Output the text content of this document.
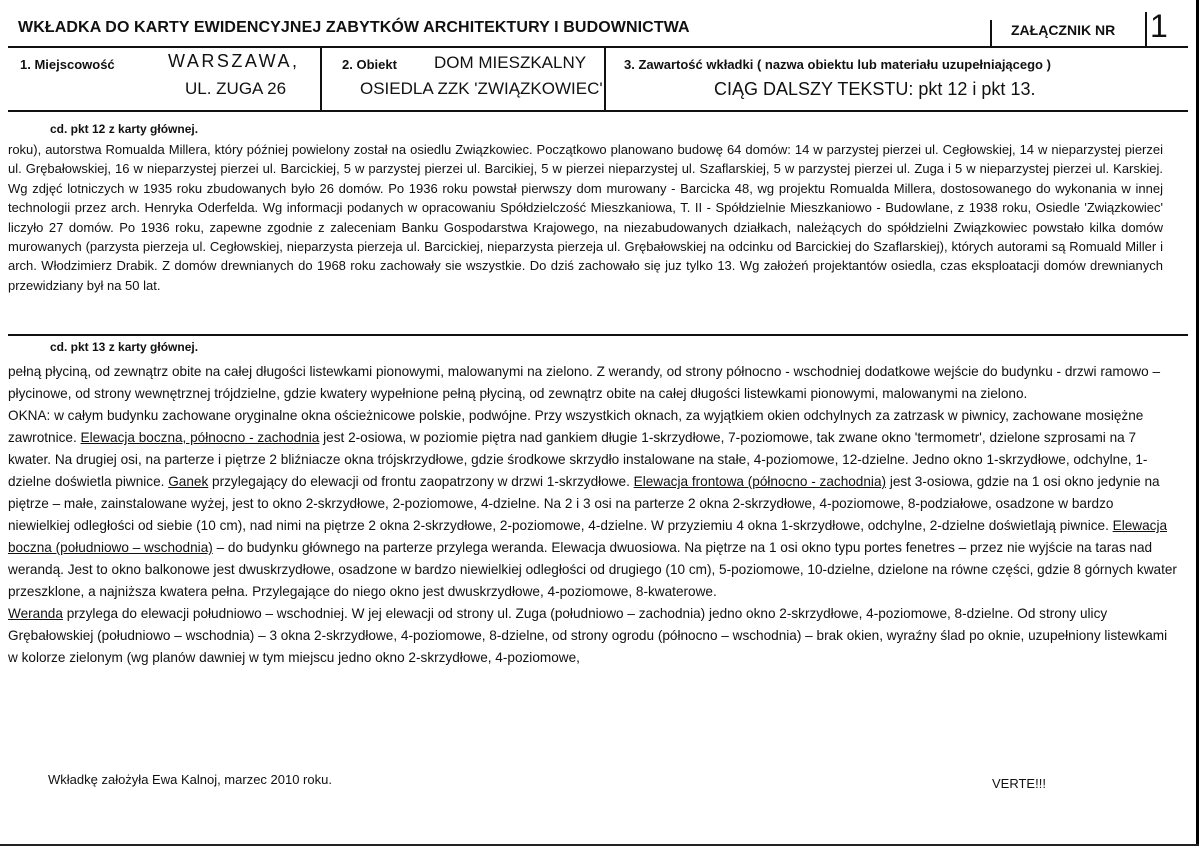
WKŁADKA DO KARTY EWIDENCYJNEJ ZABYTKÓW ARCHITEKTURY I BUDOWNICTWA	ZAŁĄCZNIK NR 1
1. Miejscowość	WARSZAWA,
UL. ZUGA 26
2. Obiekt DOM MIESZKALNY
OSIEDLA ZZK 'ZWIĄZKOWIEC'
3. Zawartość wkładki ( nazwa obiektu lub materiału uzupełniającego )
CIĄG DALSZY TEKSTU: pkt 12 i pkt 13.
cd. pkt 12 z karty głównej.
roku), autorstwa Romualda Millera, który później powielony został na osiedlu Związkowiec. Początkowo planowano budowę 64 domów: 14 w parzystej pierzei ul. Cegłowskiej, 14 w nieparzystej pierzei ul. Grębałowskiej, 16 w nieparzystej pierzei ul. Barcickiej, 5 w parzystej pierzei ul. Barcikiej, 5 w pierzei nieparzystej ul. Szaflarskiej, 5 w parzystej pierzei ul. Zuga i 5 w nieparzystej pierzei ul. Karskiej. Wg zdjęć lotniczych w 1935 roku zbudowanych było 26 domów. Po 1936 roku powstał pierwszy dom murowany - Barcicka 48, wg projektu Romualda Millera, dostosowanego do wykonania w innej technologii przez arch. Henryka Oderfelda. Wg informacji podanych w opracowaniu Spółdzielczość Mieszkaniowa, T. II - Spółdzielnie Mieszkaniowo - Budowlane, z 1938 roku, Osiedle 'Związkowiec' liczyło 27 domów. Po 1936 roku, zapewne zgodnie z zaleceniam Banku Gospodarstwa Krajowego, na niezabudowanych działkach, należących do spółdzielni Związkowiec powstało kilka domów murowanych (parzysta pierzeja ul. Cegłowskiej, nieparzysta pierzeja ul. Barcickiej, nieparzysta pierzeja ul. Grębałowskiej na odcinku od Barcickiej do Szaflarskiej), których autorami są Romuald Miller i arch. Włodzimierz Drabik. Z domów drewnianych do 1968 roku zachowały sie wszystkie. Do dziś zachowało się juz tylko 13. Wg założeń projektantów osiedla, czas eksploatacji domów drewnianych przewidziany był na 50 lat.
cd. pkt 13 z karty głównej.

pełną płyciną, od zewnątrz obite na całej długości listewkami pionowymi, malowanymi na zielono. Z werandy, od strony północno - wschodniej dodatkowe wejście do budynku - drzwi ramowo – płycinowe, od strony wewnętrznej trójdzielne, gdzie kwatery wypełnione pełną płyciną, od zewnątrz obite na całej długości listewkami pionowymi, malowanymi na zielono.

OKNA: w całym budynku zachowane oryginalne okna ościeżnicowe polskie, podwójne. Przy wszystkich oknach, za wyjątkiem okien odchylnych za zatrzask w piwnicy, zachowane mosiężne zawrotnice. Elewacja boczna, północno - zachodnia jest 2-osiowa, w poziomie piętra nad gankiem długie 1-skrzydłowe, 7-poziomowe, tak zwane okno 'termometr', dzielone szprosami na 7 kwater. Na drugiej osi, na parterze i piętrze 2 bliźniacze okna trójskrzydłowe, gdzie środkowe skrzydło instalowane na stałe, 4-poziomowe, 12-dzielne. Jedno okno 1-skrzydłowe, odchylne, 1-dzielne doświetla piwnice. Ganek przylegający do elewacji od frontu zaopatrzony w drzwi 1-skrzydłowe. Elewacja frontowa (północno - zachodnia) jest 3-osiowa, gdzie na 1 osi okno jedynie na piętrze – małe, zainstalowane wyżej, jest to okno 2-skrzydłowe, 2-poziomowe, 4-dzielne. Na 2 i 3 osi na parterze 2 okna 2-skrzydłowe, 4-poziomowe, 8-podziałowe, osadzone w bardzo niewielkiej odległości od siebie (10 cm), nad nimi na piętrze 2 okna 2-skrzydłowe, 2-poziomowe, 4-dzielne. W przyziemiu 4 okna 1-skrzydłowe, odchylne, 2-dzielne doświetlają piwnice. Elewacja boczna (południowo – wschodnia) – do budynku głównego na parterze przylega weranda. Elewacja dwuosiowa. Na piętrze na 1 osi okno typu portes fenetres – przez nie wyjście na taras nad werandą. Jest to okno balkonowe jest dwuskrzydłowe, osadzone w bardzo niewielkiej odległości od drugiego (10 cm), 5-poziomowe, 10-dzielne, dzielone na równe części, gdzie 8 górnych kwater przeszklone, a najniższa kwatera pełna. Przylegające do niego okno jest dwuskrzydłowe, 4-poziomowe, 8-kwaterowe.

Weranda przylega do elewacji południowo – wschodniej. W jej elewacji od strony ul. Zuga (południowo – zachodnia) jedno okno 2-skrzydłowe, 4-poziomowe, 8-dzielne. Od strony ulicy Grębałowskiej (południowo – wschodnia) – 3 okna 2-skrzydłowe, 4-poziomowe, 8-dzielne, od strony ogrodu (północno – wschodnia) – brak okien, wyraźny ślad po oknie, uzupełniony listewkami w kolorze zielonym (wg planów dawniej w tym miejscu jedno okno 2-skrzydłowe, 4-poziomowe,

Wkładkę założyła Ewa Kalnoj, marzec 2010 roku.	VERTE!!!
